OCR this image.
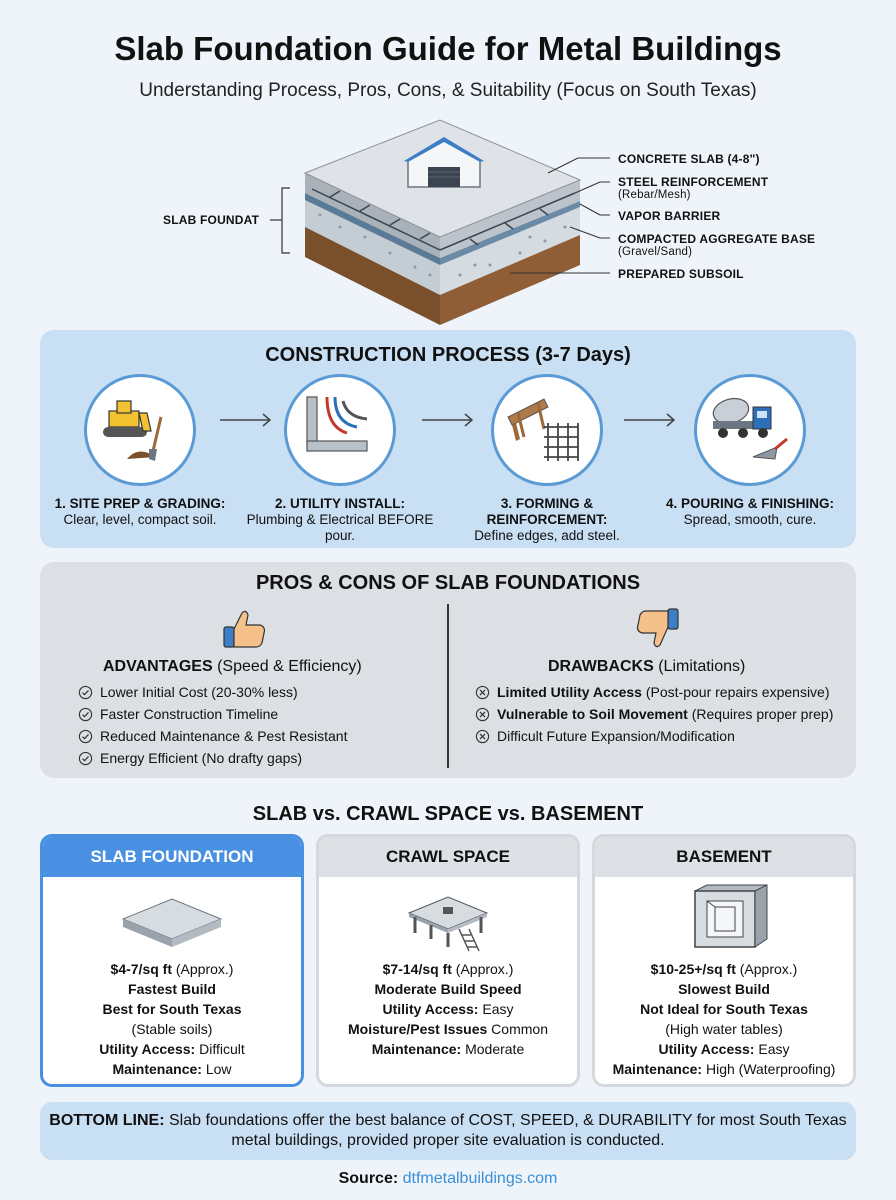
Slab Foundation Guide for Metal Buildings
Understanding Process, Pros, Cons, & Suitability (Focus on South Texas)
SLAB FOUNDAT
CONCRETE SLAB (4-8")
STEEL REINFORCEMENT
(Rebar/Mesh)
VAPOR BARRIER
COMPACTED AGGREGATE BASE
(Gravel/Sand)
PREPARED SUBSOIL
CONSTRUCTION PROCESS (3-7 Days)
1. SITE PREP & GRADING:
Clear, level, compact soil.
2. UTILITY INSTALL:
Plumbing & Electrical BEFORE pour.
3. FORMING & REINFORCEMENT:
Define edges, add steel.
4. POURING & FINISHING:
Spread, smooth, cure.
PROS & CONS OF SLAB FOUNDATIONS
ADVANTAGES (Speed & Efficiency)
Lower Initial Cost (20-30% less)
Faster Construction Timeline
Reduced Maintenance & Pest Resistant
Energy Efficient (No drafty gaps)
DRAWBACKS (Limitations)
Limited Utility Access (Post-pour repairs expensive)
Vulnerable to Soil Movement (Requires proper prep)
Difficult Future Expansion/Modification
SLAB vs. CRAWL SPACE vs. BASEMENT
SLAB FOUNDATION
$4-7/sq ft (Approx.)
Fastest Build
Best for South Texas
(Stable soils)
Utility Access: Difficult
Maintenance: Low
CRAWL SPACE
$7-14/sq ft (Approx.)
Moderate Build Speed
Utility Access: Easy
Moisture/Pest Issues Common
Maintenance: Moderate
BASEMENT
$10-25+/sq ft (Approx.)
Slowest Build
Not Ideal for South Texas
(High water tables)
Utility Access: Easy
Maintenance: High (Waterproofing)
BOTTOM LINE: Slab foundations offer the best balance of COST, SPEED, & DURABILITY for most South Texas metal buildings, provided proper site evaluation is conducted.
Source: dtfmetalbuildings.com
